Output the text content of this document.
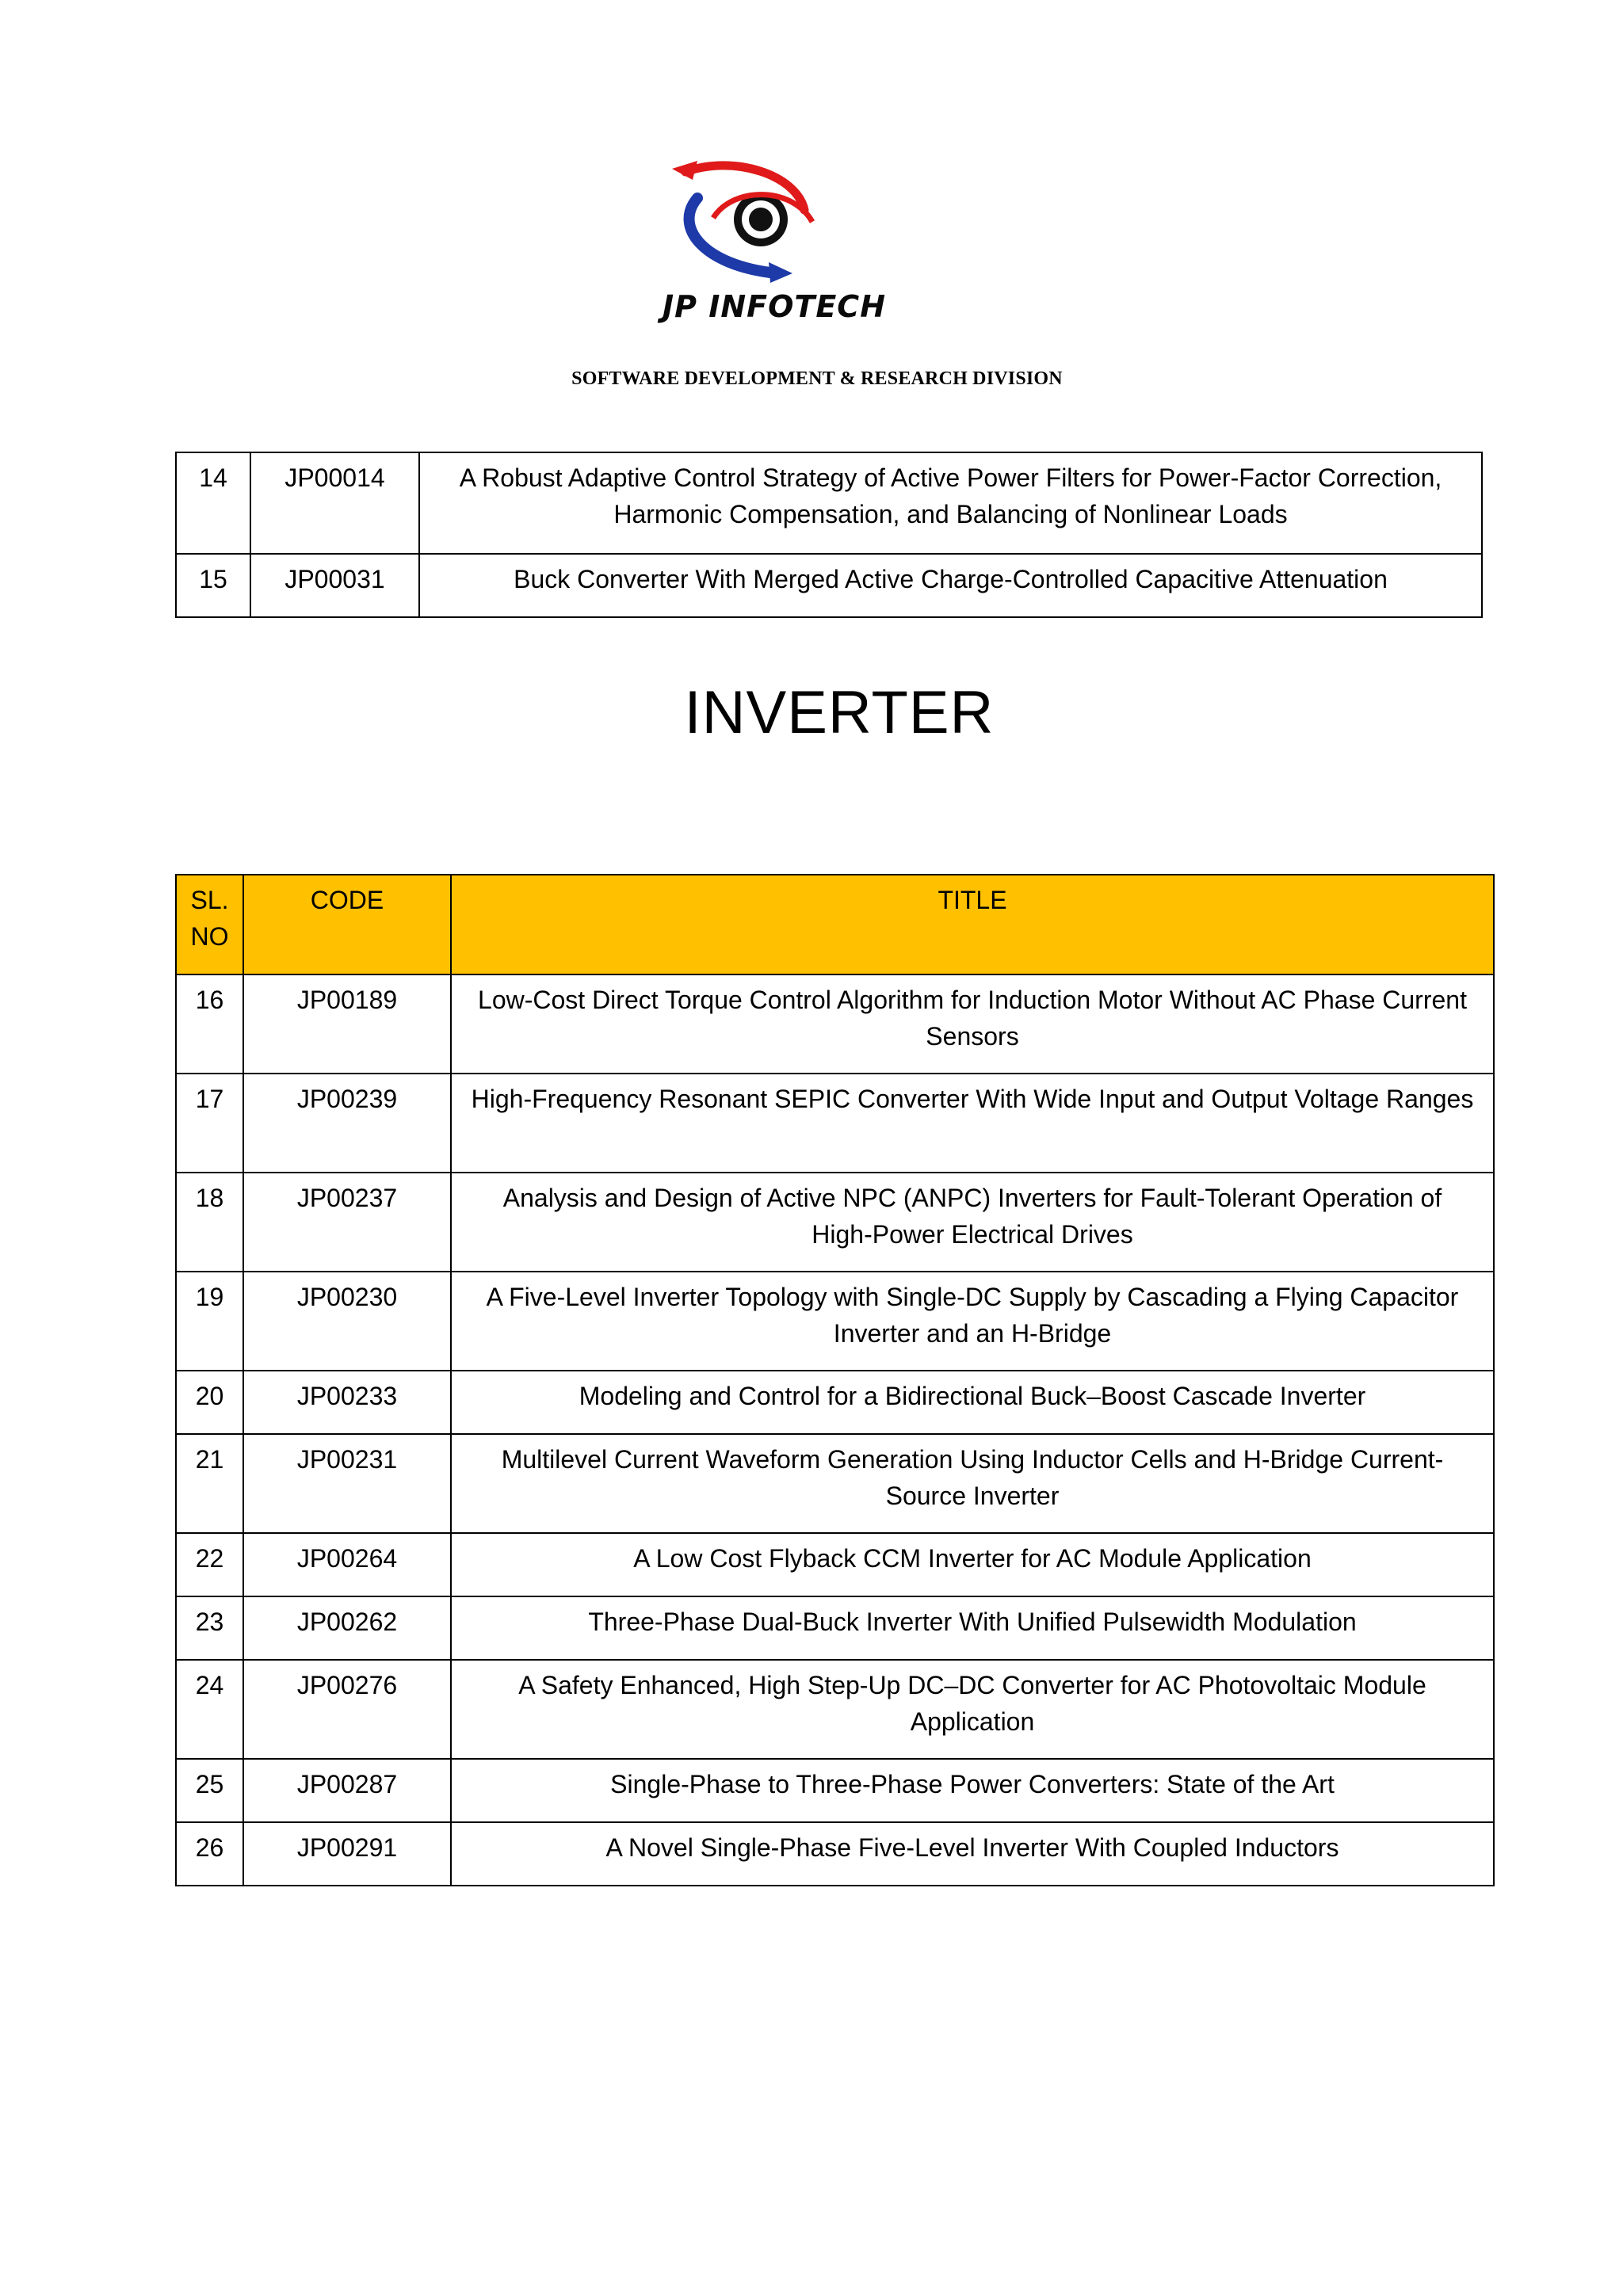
JP INFOTECH
SOFTWARE DEVELOPMENT & RESEARCH DIVISION
14	JP00014	A Robust Adaptive Control Strategy of Active Power Filters for Power-Factor Correction, Harmonic Compensation, and Balancing of Nonlinear Loads
15	JP00031	Buck Converter With Merged Active Charge-Controlled Capacitive Attenuation
INVERTER
SL. NO	CODE	TITLE
16	JP00189	Low-Cost Direct Torque Control Algorithm for Induction Motor Without AC Phase Current Sensors
17	JP00239	High-Frequency Resonant SEPIC Converter With Wide Input and Output Voltage Ranges
18	JP00237	Analysis and Design of Active NPC (ANPC) Inverters for Fault-Tolerant Operation of High-Power Electrical Drives
19	JP00230	A Five-Level Inverter Topology with Single-DC Supply by Cascading a Flying Capacitor Inverter and an H-Bridge
20	JP00233	Modeling and Control for a Bidirectional Buck–Boost Cascade Inverter
21	JP00231	Multilevel Current Waveform Generation Using Inductor Cells and H-Bridge Current-Source Inverter
22	JP00264	A Low Cost Flyback CCM Inverter for AC Module Application
23	JP00262	Three-Phase Dual-Buck Inverter With Unified Pulsewidth Modulation
24	JP00276	A Safety Enhanced, High Step-Up DC–DC Converter for AC Photovoltaic Module Application
25	JP00287	Single-Phase to Three-Phase Power Converters: State of the Art
26	JP00291	A Novel Single-Phase Five-Level Inverter With Coupled Inductors
